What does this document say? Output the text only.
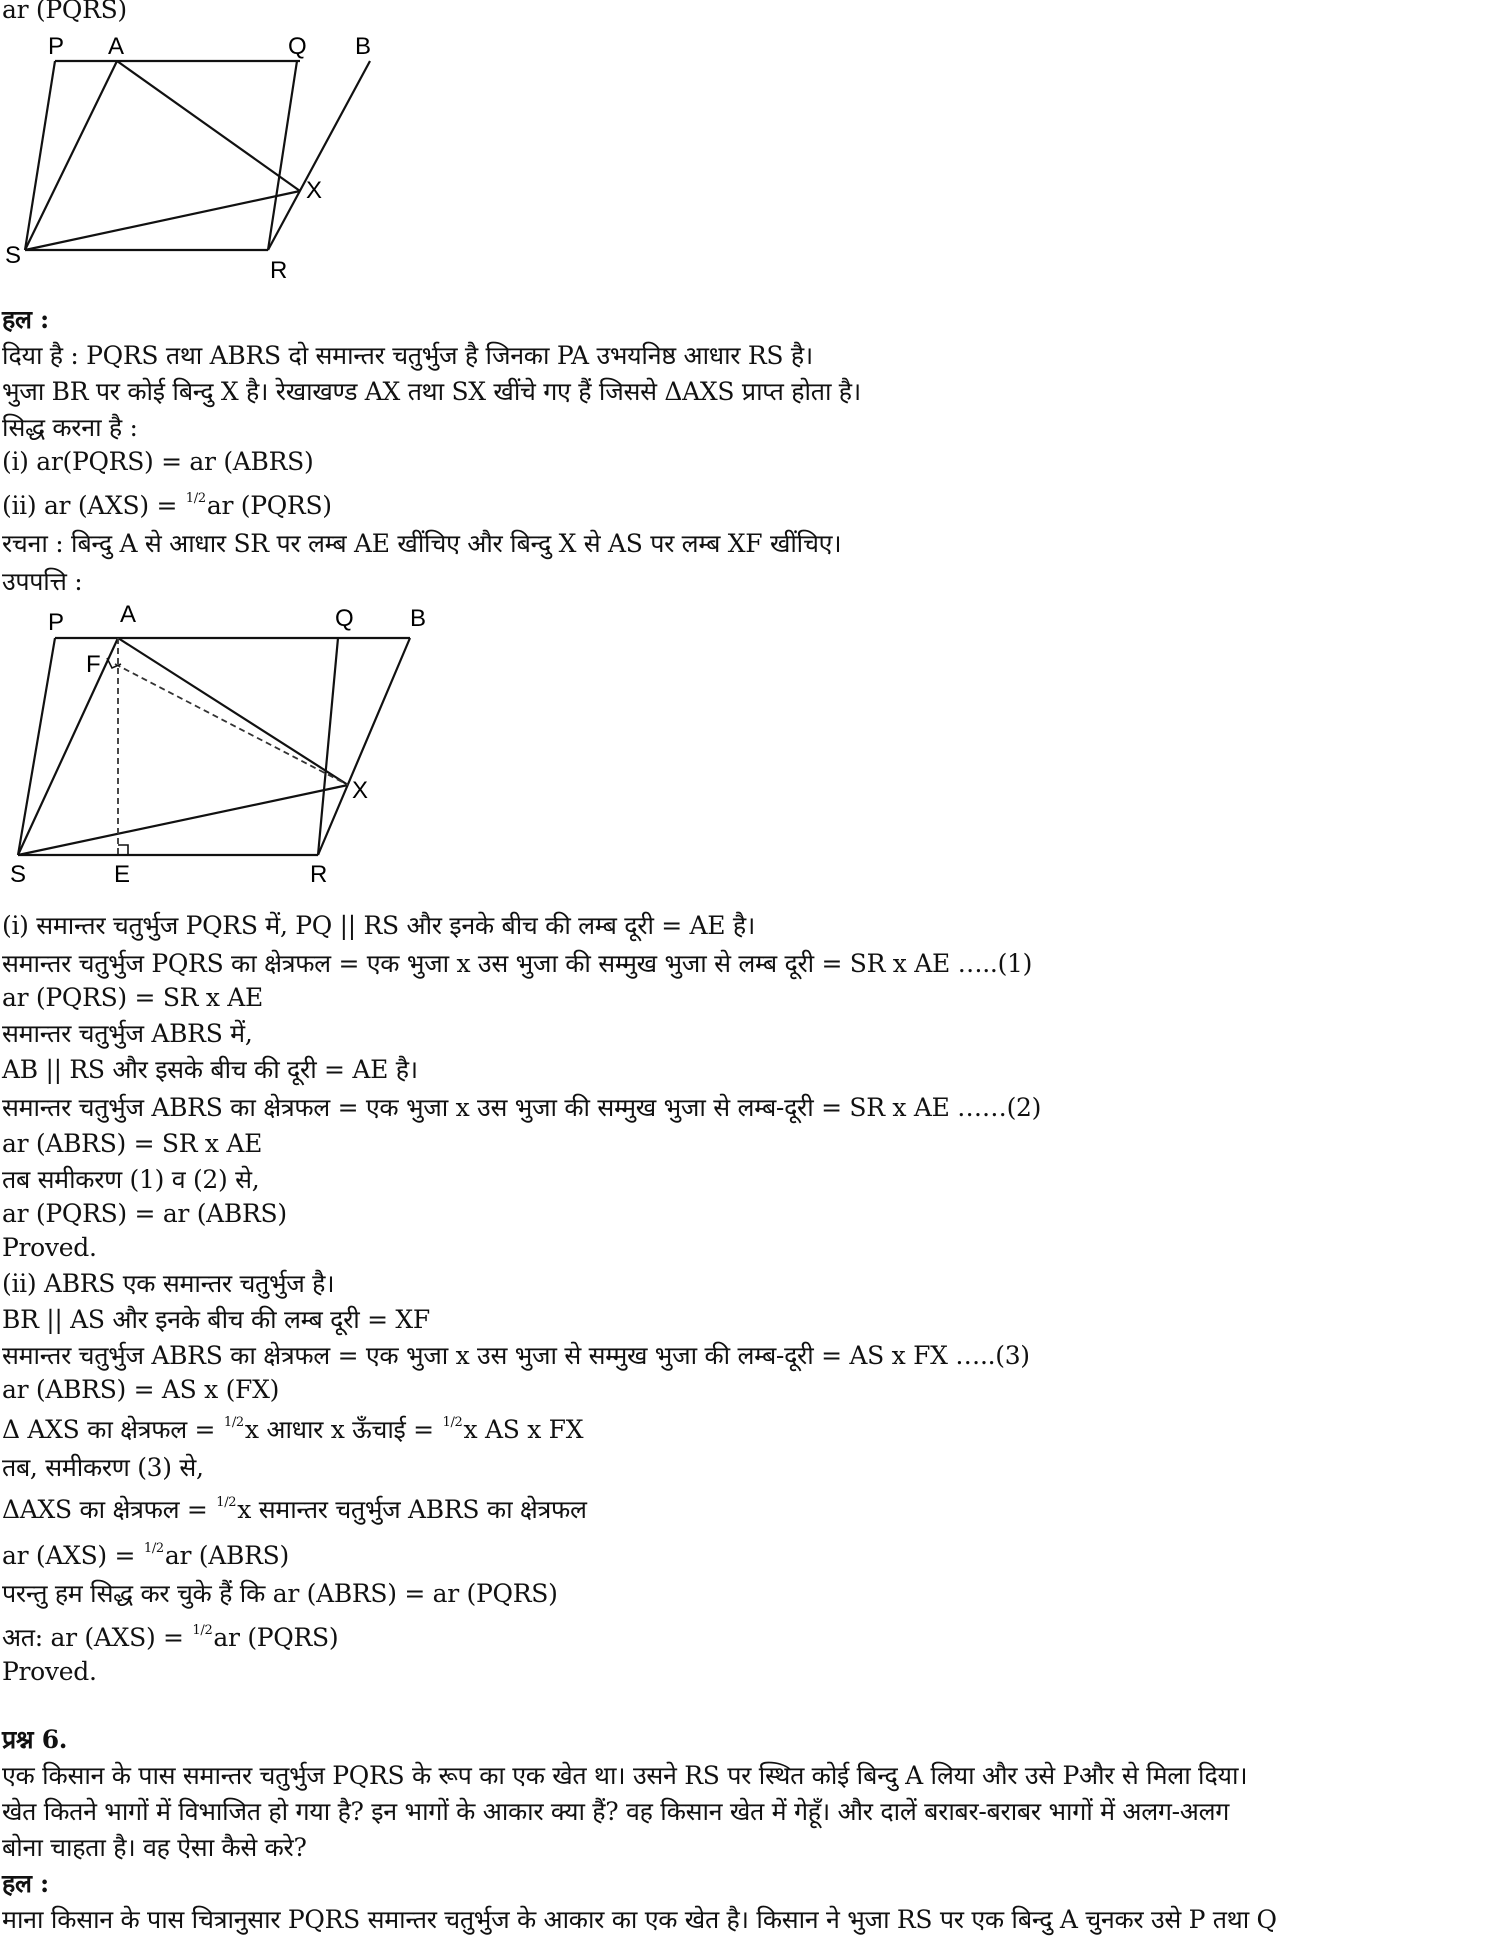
ar (PQRS)
P A	Q B
X
S
R
हल :
दिया है : PQRS तथा ABRS दो समान्तर चतुर्भुज है जिनका PA उभयनिष्ठ आधार RS है।
भुजा BR पर कोई बिन्दु X है। रेखाखण्ड AX तथा SX खींचे गए हैं जिससे ΔAXS प्राप्त होता है।
सिद्ध करना है :
(i) ar(PQRS) = ar (ABRS)
(ii) ar (AXS) = 1/2ar (PQRS)
रचना : बिन्दु A से आधार SR पर लम्ब AE खींचिए और बिन्दु X से AS पर लम्ब XF खींचिए।
उपपत्ति :
P A	Q B
F
X
S	E	R
(i) समान्तर चतुर्भुज PQRS में, PQ || RS और इनके बीच की लम्ब दूरी = AE है।
समान्तर चतुर्भुज PQRS का क्षेत्रफल = एक भुजा x उस भुजा की सम्मुख भुजा से लम्ब दूरी = SR x AE …..(1)
ar (PQRS) = SR x AE
समान्तर चतुर्भुज ABRS में,
AB || RS और इसके बीच की दूरी = AE है।
समान्तर चतुर्भुज ABRS का क्षेत्रफल = एक भुजा x उस भुजा की सम्मुख भुजा से लम्ब-दूरी = SR x AE ……(2)
ar (ABRS) = SR x AE
तब समीकरण (1) व (2) से,
ar (PQRS) = ar (ABRS)
Proved.
(ii) ABRS एक समान्तर चतुर्भुज है।
BR || AS और इनके बीच की लम्ब दूरी = XF
समान्तर चतुर्भुज ABRS का क्षेत्रफल = एक भुजा x उस भुजा से सम्मुख भुजा की लम्ब-दूरी = AS x FX …..(3)
ar (ABRS) = AS x (FX)
Δ AXS का क्षेत्रफल = 1/2x आधार x ऊँचाई = 1/2x AS x FX
तब, समीकरण (3) से,
ΔAXS का क्षेत्रफल = 1/2x समान्तर चतुर्भुज ABRS का क्षेत्रफल
ar (AXS) = 1/2ar (ABRS)
परन्तु हम सिद्ध कर चुके हैं कि ar (ABRS) = ar (PQRS)
अत: ar (AXS) = 1/2ar (PQRS)
Proved.
प्रश्न 6.
एक किसान के पास समान्तर चतुर्भुज PQRS के रूप का एक खेत था। उसने RS पर स्थित कोई बिन्दु A लिया और उसे Pऔर से मिला दिया।
खेत कितने भागों में विभाजित हो गया है? इन भागों के आकार क्या हैं? वह किसान खेत में गेहूँ। और दालें बराबर-बराबर भागों में अलग-अलग
बोना चाहता है। वह ऐसा कैसे करे?
हल :
माना किसान के पास चित्रानुसार PQRS समान्तर चतुर्भुज के आकार का एक खेत है। किसान ने भुजा RS पर एक बिन्दु A चुनकर उसे P तथा Q
